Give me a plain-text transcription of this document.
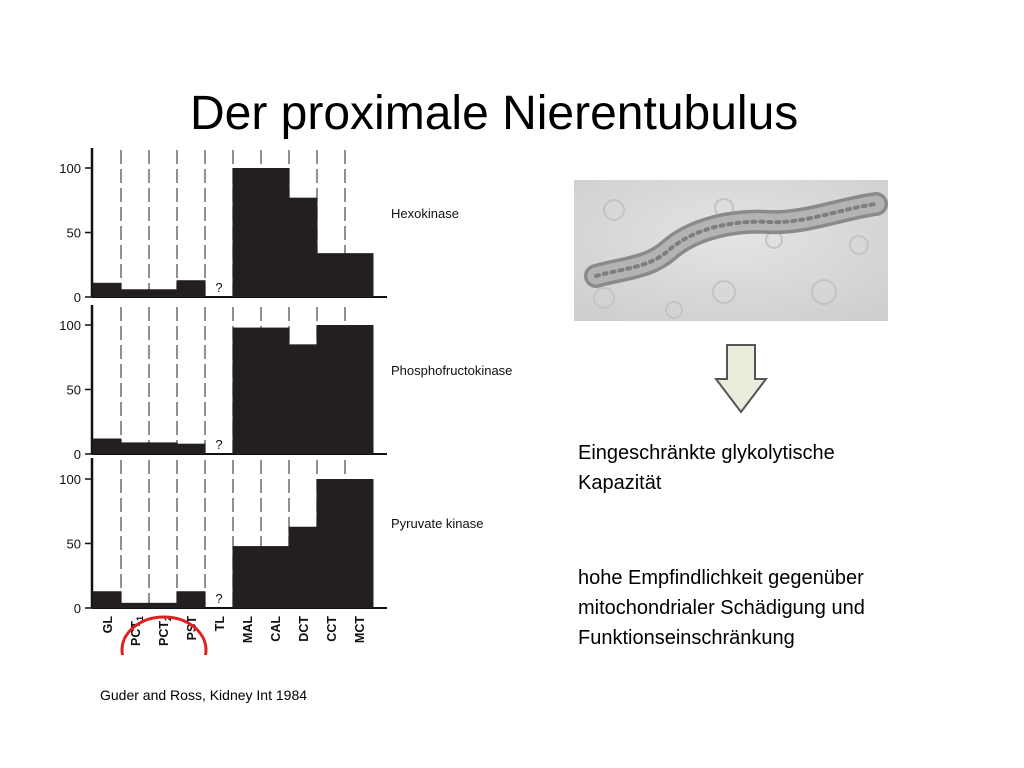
Der proximale Nierentubulus
100
50
0
?
Hexokinase
100
50
0
?
Phosphofructokinase
100
50
0
?
Pyruvate kinase
GL $PCT_1$
$PCT_2$ PST TL MAL CAL DCT CCT MCT
Eingeschränkte glykolytische Kapazität
hohe Empfindlichkeit gegenüber mitochondrialer Schädigung und Funktionseinschränkung
Guder and Ross, Kidney Int 1984
